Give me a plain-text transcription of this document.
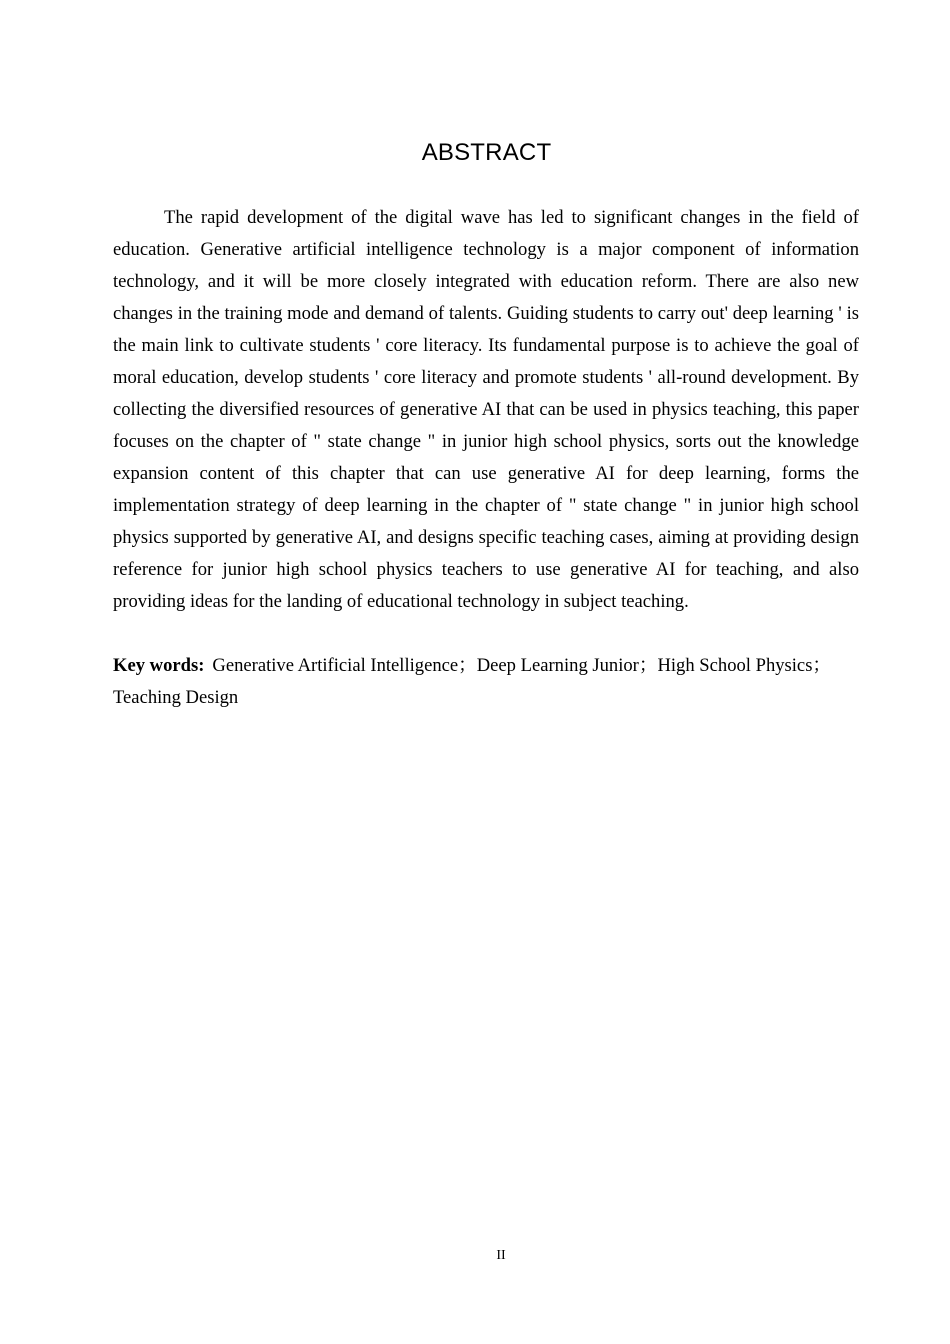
ABSTRACT

The rapid development of the digital wave has led to significant changes in the field of education. Generative artificial intelligence technology is a major component of information technology, and it will be more closely integrated with education reform. There are also new changes in the training mode and demand of talents. Guiding students to carry out' deep learning ' is the main link to cultivate students ' core literacy. Its fundamental purpose is to achieve the goal of moral education, develop students ' core literacy and promote students ' all-round development. By collecting the diversified resources of generative AI that can be used in physics teaching, this paper focuses on the chapter of " state change " in junior high school physics, sorts out the knowledge expansion content of this chapter that can use generative AI for deep learning, forms the implementation strategy of deep learning in the chapter of " state change " in junior high school physics supported by generative AI, and designs specific teaching cases, aiming at providing design reference for junior high school physics teachers to use generative AI for teaching, and also providing ideas for the landing of educational technology in subject teaching.

Key words: Generative Artificial Intelligence；Deep Learning Junior；High School Physics；Teaching Design

II
